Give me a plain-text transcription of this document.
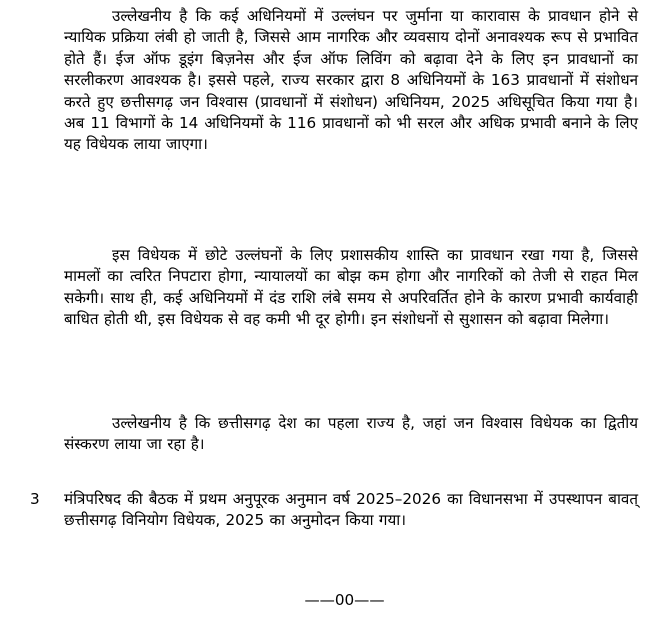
उल्लेखनीय है कि कई अधिनियमों में उल्लंघन पर जुर्माना या कारावास के प्रावधान होने से न्यायिक प्रक्रिया लंबी हो जाती है, जिससे आम नागरिक और व्यवसाय दोनों अनावश्यक रूप से प्रभावित होते हैं। ईज ऑफ डूइंग बिज़नेस और ईज ऑफ लिविंग को बढ़ावा देने के लिए इन प्रावधानों का सरलीकरण आवश्यक है। इससे पहले, राज्य सरकार द्वारा 8 अधिनियमों के 163 प्रावधानों में संशोधन करते हुए छत्तीसगढ़ जन विश्वास (प्रावधानों में संशोधन) अधिनियम, 2025 अधिसूचित किया गया है। अब 11 विभागों के 14 अधिनियमों के 116 प्रावधानों को भी सरल और अधिक प्रभावी बनाने के लिए यह विधेयक लाया जाएगा।

इस विधेयक में छोटे उल्लंघनों के लिए प्रशासकीय शास्ति का प्रावधान रखा गया है, जिससे मामलों का त्वरित निपटारा होगा, न्यायालयों का बोझ कम होगा और नागरिकों को तेजी से राहत मिल सकेगी। साथ ही, कई अधिनियमों में दंड राशि लंबे समय से अपरिवर्तित होने के कारण प्रभावी कार्यवाही बाधित होती थी, इस विधेयक से वह कमी भी दूर होगी। इन संशोधनों से सुशासन को बढ़ावा मिलेगा।

उल्लेखनीय है कि छत्तीसगढ़ देश का पहला राज्य है, जहां जन विश्वास विधेयक का द्वितीय संस्करण लाया जा रहा है।

3 मंत्रिपरिषद की बैठक में प्रथम अनुपूरक अनुमान वर्ष 2025–2026 का विधानसभा में उपस्थापन बावत् छत्तीसगढ़ विनियोग विधेयक, 2025 का अनुमोदन किया गया।

——00——
